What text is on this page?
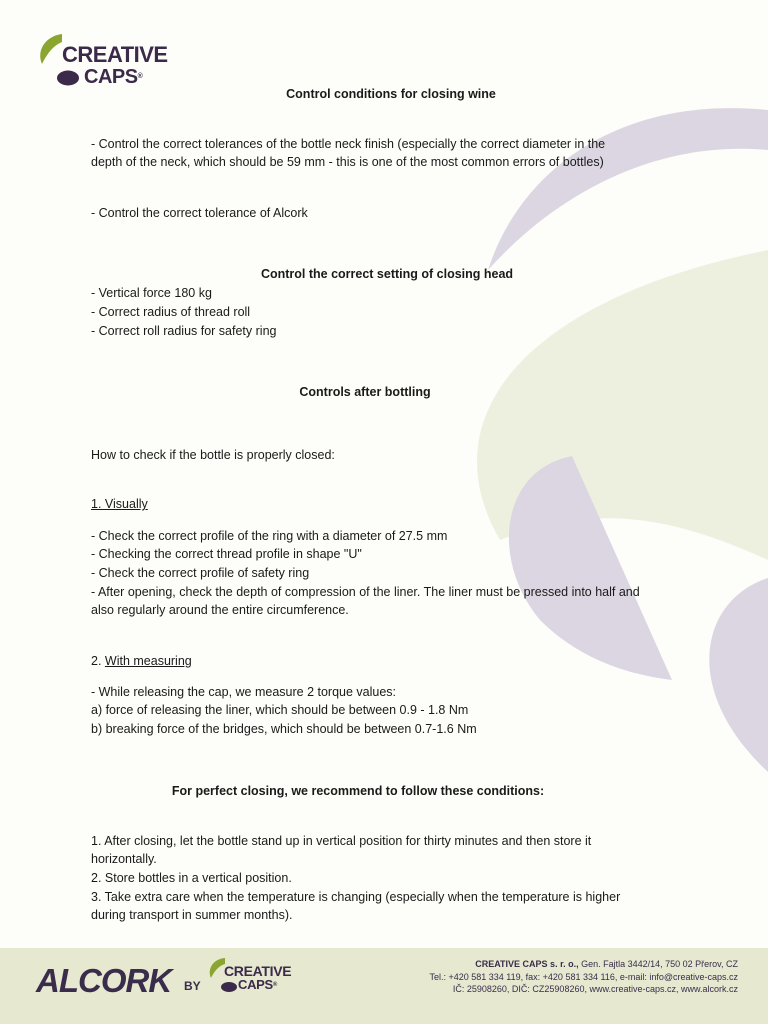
CREATIVE
CAPS®
Control conditions for closing wine
- Control the correct tolerances of the bottle neck finish (especially the correct diameter in the
depth of the neck, which should be 59 mm - this is one of the most common errors of bottles)
- Control the correct tolerance of Alcork
Control the correct setting of closing head
- Vertical force 180 kg
- Correct radius of thread roll
- Correct roll radius for safety ring
Controls after bottling
How to check if the bottle is properly closed:
1. Visually
- Check the correct profile of the ring with a diameter of 27.5 mm
- Checking the correct thread profile in shape "U"
- Check the correct profile of safety ring
- After opening, check the depth of compression of the liner. The liner must be pressed into half and
also regularly around the entire circumference.
2. With measuring
- While releasing the cap, we measure 2 torque values:
a) force of releasing the liner, which should be between 0.9 - 1.8 Nm
b) breaking force of the bridges, which should be between 0.7-1.6 Nm
For perfect closing, we recommend to follow these conditions:
1. After closing, let the bottle stand up in vertical position for thirty minutes and then store it
horizontally.
2. Store bottles in a vertical position.
3. Take extra care when the temperature is changing (especially when the temperature is higher
during transport in summer months).
ALCORK BY
CREATIVE
CAPS®
CREATIVE CAPS s. r. o., Gen. Fajtla 3442/14, 750 02 Přerov, CZ
Tel.: +420 581 334 119, fax: +420 581 334 116, e-mail: info@creative-caps.cz
IČ: 25908260, DIČ: CZ25908260, www.creative-caps.cz, www.alcork.cz
